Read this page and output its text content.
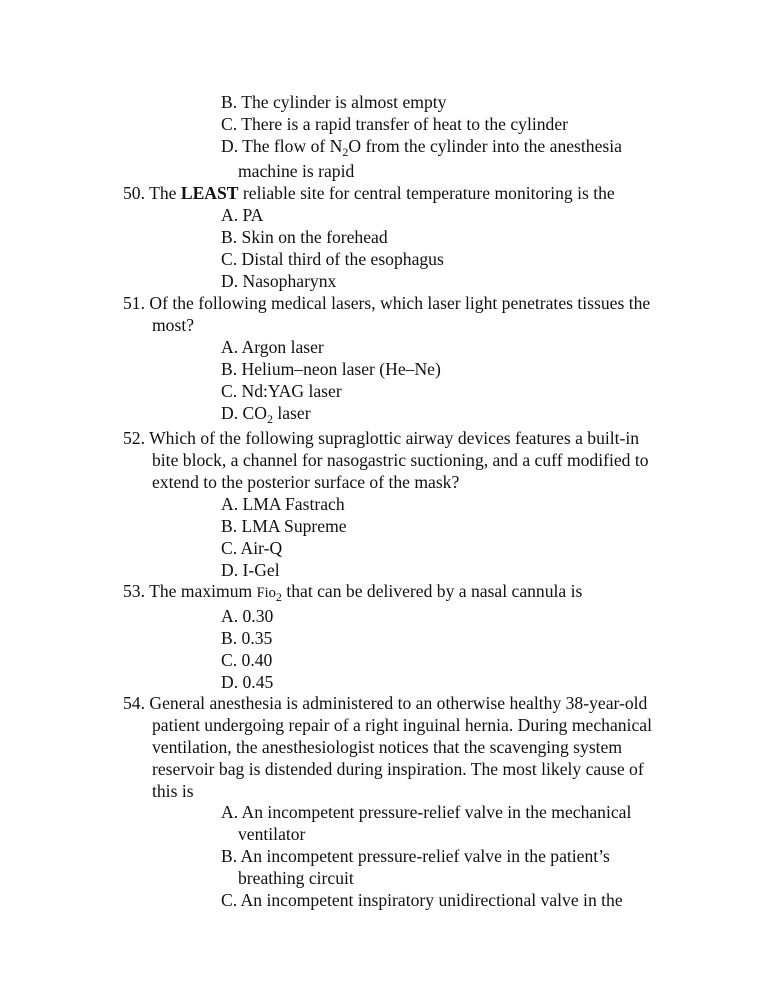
B. The cylinder is almost empty
C. There is a rapid transfer of heat to the cylinder
D. The flow of $N_2O$ from the cylinder into the anesthesia
machine is rapid
50. The LEAST reliable site for central temperature monitoring is the
A. PA
B. Skin on the forehead
C. Distal third of the esophagus
D. Nasopharynx
51. Of the following medical lasers, which laser light penetrates tissues the
most?
A. Argon laser
B. Helium–neon laser (He–Ne)
C. Nd:YAG laser
D. $CO_2$ laser
52. Which of the following supraglottic airway devices features a built-in
bite block, a channel for nasogastric suctioning, and a cuff modified to
extend to the posterior surface of the mask?
A. LMA Fastrach
B. LMA Supreme
C. Air-Q
D. I-Gel
53. The maximum Fio$_2$ that can be delivered by a nasal cannula is
A. 0.30
B. 0.35
C. 0.40
D. 0.45
54. General anesthesia is administered to an otherwise healthy 38-year-old
patient undergoing repair of a right inguinal hernia. During mechanical
ventilation, the anesthesiologist notices that the scavenging system
reservoir bag is distended during inspiration. The most likely cause of
this is
A. An incompetent pressure-relief valve in the mechanical
ventilator
B. An incompetent pressure-relief valve in the patient’s
breathing circuit
C. An incompetent inspiratory unidirectional valve in the
